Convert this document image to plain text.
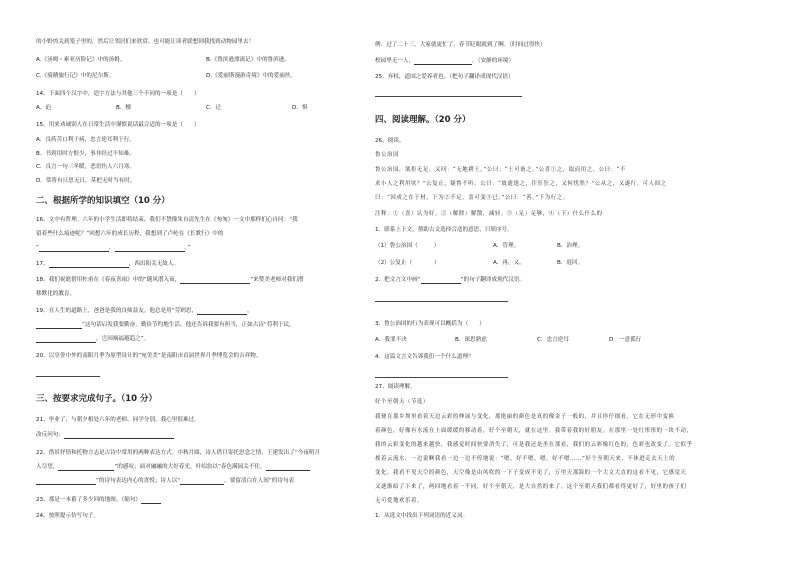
的小野兽关到笼子里的，然后让邻居们来欣赏。也可能让读者联想到我找到动物园里去！
A.《汤姆・索亚历险记》中的汤姆。	B.《鲁滨逊漂流记》中的鲁滨逊。
C.《骑鹅旅行记》中的尼尔斯。	D.《爱丽斯漫游奇境》中的爱丽丝。
14、下面四个汉字中，造字方法与其他三个不同的一项是（　　）
A．迫	B．犢	C．迁	D．惧
15、用来劝诫别人在日常生活中谨慎说话最合适的一项是（　　）
A．良药苦口利于病，忠言逆耳利于行。
B．书到用时方恨少，事非经过不知难。
C．良言一句三冬暖，恶语伤人六月寒。
D．常将有日思无日，莫把无时当有时。
二、根据所学的知识填空（10 分）
16、文中有哲理。六年的小学生活即将结束，我们不禁像朱自清先生在《匆匆》一文中那样扪心自问：“我
留着些什么痕迹呢？”回想六年的成长历程，我想到了卢纶在《长歌行》中的
“	，	。”
17、	，西出阳关无故人。
18、我们祝愿借用杜甫在《春夜喜雨》中的“随风潜入夜，	”来赞美老师对我们潜
移默化的教育。
19、在人生的道路上，爸爸是我的良师益友。他总是用“劳则思，	，
”这句话启发我要勤奋，勤俭节约地生活。他还告诉我要有担当，正如古诗“苟利于民，
，岂因祸福避趋之”。
20、以享誉中外的南阳月季为原型设计的“宛美美”是南阳市首届世界月季博览会的吉祥物。
三、按要求完成句子。（10 分）
21、毕业了，与朝夕相处六年的老师、同学分别，我心里很难过。
改反问句：
22、借景抒情和托物言志是古诗中常用的两种表达方式。中秋月圆，诗人借月寄托思念之情，王建发出了“今夜明月
人尽望，	”的感叹；面对融融的大好春光，叶绍翁以“春色满园关不住，
”的诗句表达内心的喜悦；诗人以“	，要留清白在人间”的诗句表
23、那是一本蓄了多少回的地图。（缩句）
24、按照提示仿写句子。
例：过了二十三，大家就更忙了，春节眨眼就到了啊。（时间过得快）
校园里无一人，	。（安静的环境）
25、弃权，道国之爱养者也。（把句子翻译成现代汉语）
四、阅读理解。（20 分）
26、阅读。
鲁公治国
鲁公治国，欲拒无足。又问：“无地耕土，”公曰：“土可备之。”公喜①之，取而用之。公曰：“不
求小人之利用欤？”公复止，疑鲁不听。公曰：“故遗逸之，往狂狂之，又何忧然？”公从之，又遂行。可人间之
曰：“因成之在于材，下为②不足，盖可变③已。”公曰：“善，”下为行之。
注释：①（喜）认为好。②（解除）解散，减轻。③（足）足够，④（下）什么什么的
1．联系上下文，帮助古文选择合适的意思，只填序号。
（1）鲁公治国（	）	A．管理。	B．治理。
（2）公复止（	）	A．再，又。	B．返回。
2．把文言文中画“	”的句子翻译成现代汉语。
3．鲁公治国的行为表现可以概括为（　　）
A．我罪不决	B．深思熟虑	C．忠言逆耳	D．一意孤行
4．这篇文言文告诉我们一个什么道理？
27、阅读理解。
好个至朝天（节选）
我便在那乡坝里看着天边云彩的伸展与变化，那艳丽的颜色是真的像金子一般的，并且你仔细看，它在无形中变换
着颜色，好像有水流在上面缓缓的移动着，好个至朝天，就在这里。我带着我的好朋友。在那里一处红彤彤的一块不动，
我的云彩变化的越来越快，我感觉时间快要消失了，可是我还是坐在那看，我们的云彩像红色的，色彩也改变了。它似乎
挨着云流水，一边说啊我看一边一边不停地说：“嗯，好不嗯，嗯，好不嗯……”好个至朝天来，不休进走去天上的
变化。我看不见天空的颜色，天空像是由风吹的一下子变成不见了，万里天那海的一个大文大直的这看不见，它感觉天
又逐渐暗了下来了，两回地看着一不同，好个至朝天，是大自然的来了。这个至朝天我们都看得更好了，好里的孩子们
无可爱地欢乐着。
1．从选文中找出下列词语的近义词。
